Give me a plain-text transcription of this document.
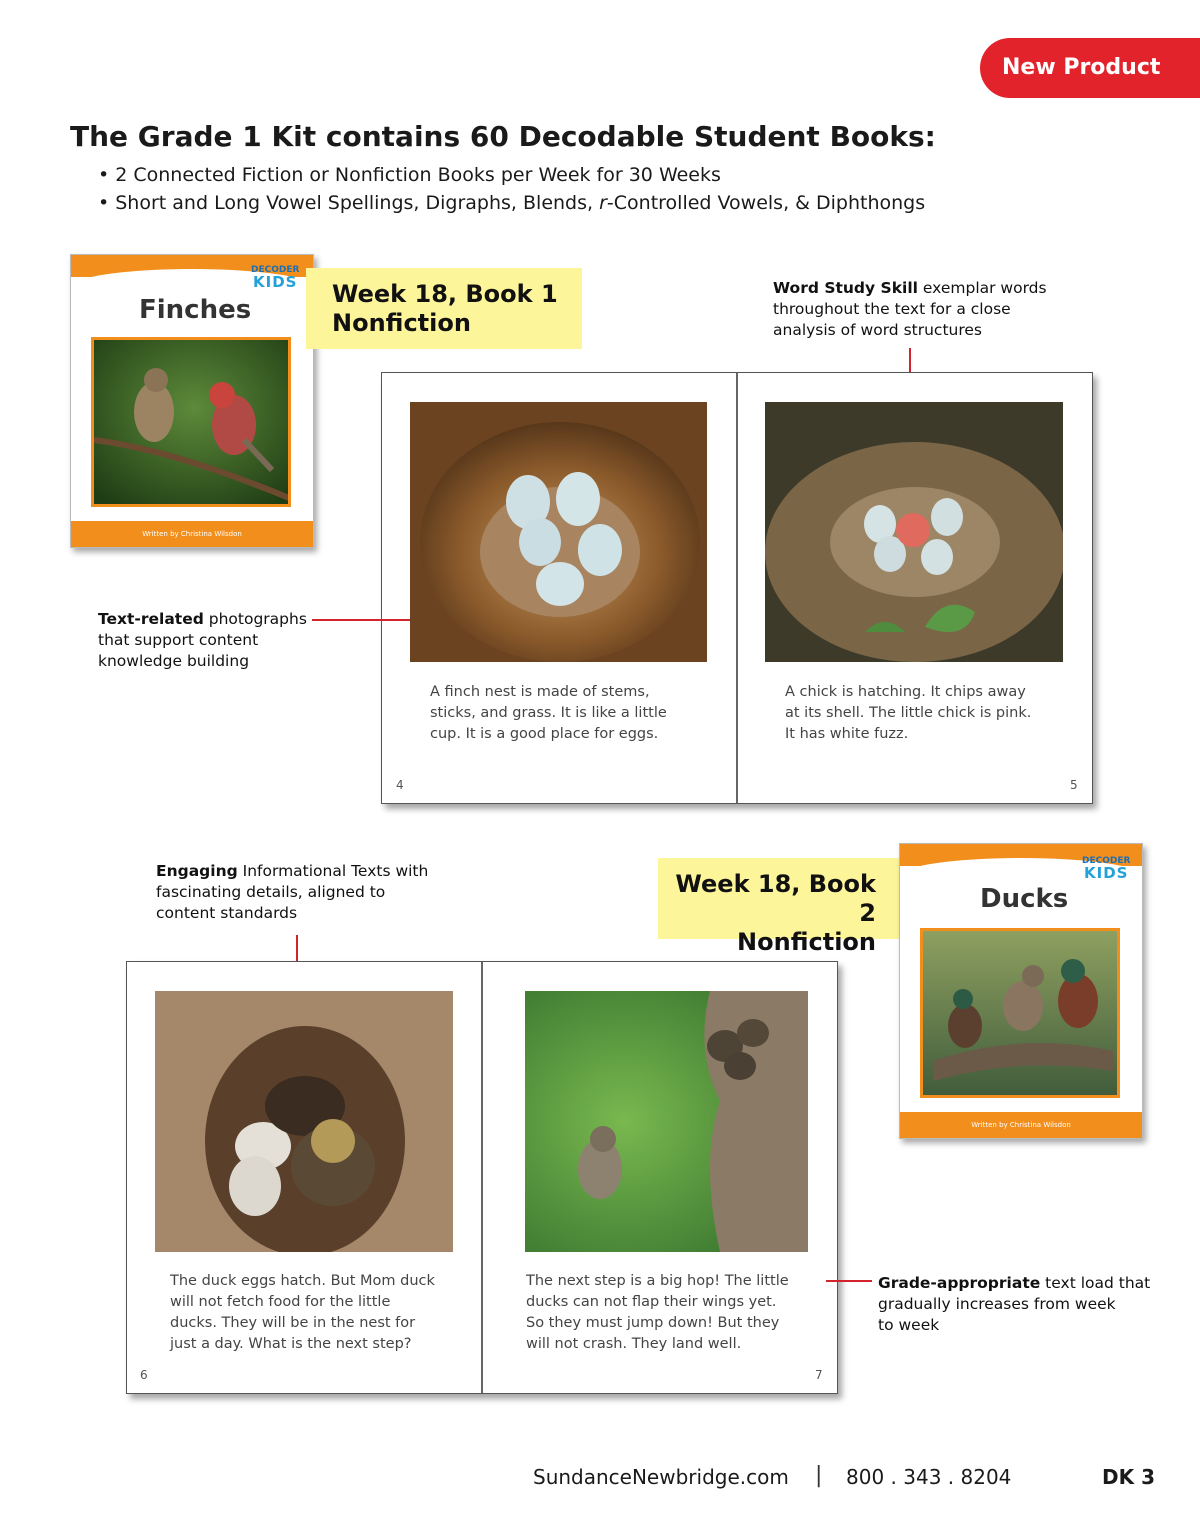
New Product
The Grade 1 Kit contains 60 Decodable Student Books:
• 2 Connected Fiction or Nonfiction Books per Week for 30 Weeks
• Short and Long Vowel Spellings, Digraphs, Blends, r-Controlled Vowels, & Diphthongs
DECODER
KIDS
Finches
Written by Christina Wilsdon
Week 18, Book 1
Nonfiction
Word Study Skill exemplar words
throughout the text for a close
analysis of word structures
A finch nest is made of stems,
sticks, and grass. It is like a little
cup. It is a good place for eggs.
A chick is hatching. It chips away
at its shell. The little chick is pink.
It has white fuzz.
4	5
Text-related photographs
that support content
knowledge building
Engaging Informational Texts with
fascinating details, aligned to
content standards
Week 18, Book 2
Nonfiction
DECODER
KIDS
Ducks
Written by Christina Wilsdon
The duck eggs hatch. But Mom duck
will not fetch food for the little
ducks. They will be in the nest for
just a day. What is the next step?
The next step is a big hop! The little
ducks can not flap their wings yet.
So they must jump down! But they
will not crash. They land well.
6	7
Grade-appropriate text load that
gradually increases from week
to week
SundanceNewbridge.com | 800 . 343 . 8204	DK 3
